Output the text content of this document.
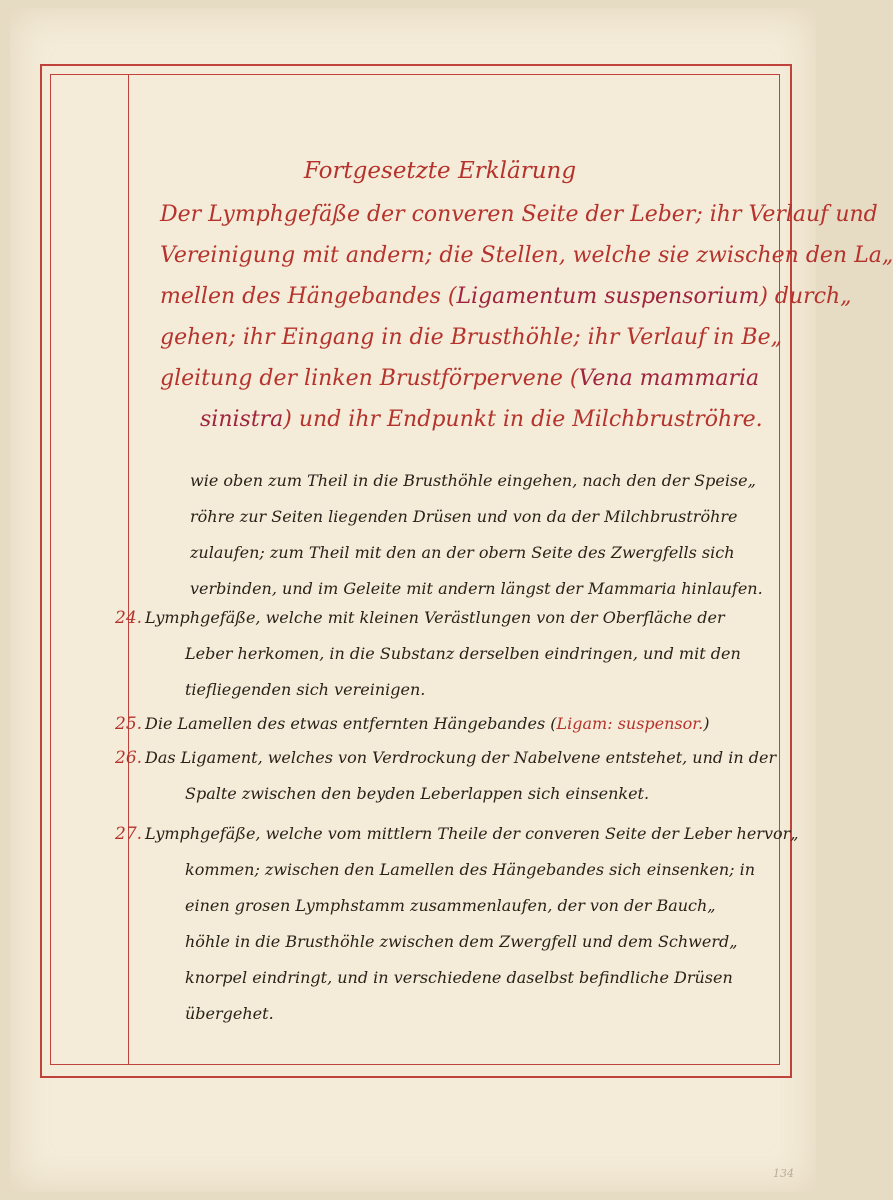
Fortgesetzte Erklärung
Der Lymphgefäße der converen Seite der Leber; ihr Verlauf und
Vereinigung mit andern; die Stellen, welche sie zwischen den La„
mellen des Hängebandes (Ligamentum suspensorium) durch„
gehen; ihr Eingang in die Brusthöhle; ihr Verlauf in Be„
gleitung der linken Brustförpervene (Vena mammaria
sinistra) und ihr Endpunkt in die Milchbruströhre.
wie oben zum Theil in die Brusthöhle eingehen, nach den der Speise„
röhre zur Seiten liegenden Drüsen und von da der Milchbruströhre
zulaufen; zum Theil mit den an der obern Seite des Zwergfells sich
verbinden, und im Geleite mit andern längst der Mammaria hinlaufen.
24. Lymphgefäße, welche mit kleinen Verästlungen von der Oberfläche der
Leber herkomen, in die Substanz derselben eindringen, und mit den
tiefliegenden sich vereinigen.
25. Die Lamellen des etwas entfernten Hängebandes (Ligam: suspensor.)
26. Das Ligament, welches von Verdrockung der Nabelvene entstehet, und in der
Spalte zwischen den beyden Leberlappen sich einsenket.
27. Lymphgefäße, welche vom mittlern Theile der converen Seite der Leber hervor„
kommen; zwischen den Lamellen des Hängebandes sich einsenken; in
einen grosen Lymphstamm zusammenlaufen, der von der Bauch„
höhle in die Brusthöhle zwischen dem Zwergfell und dem Schwerd„
knorpel eindringt, und in verschiedene daselbst befindliche Drüsen
übergehet.
134
